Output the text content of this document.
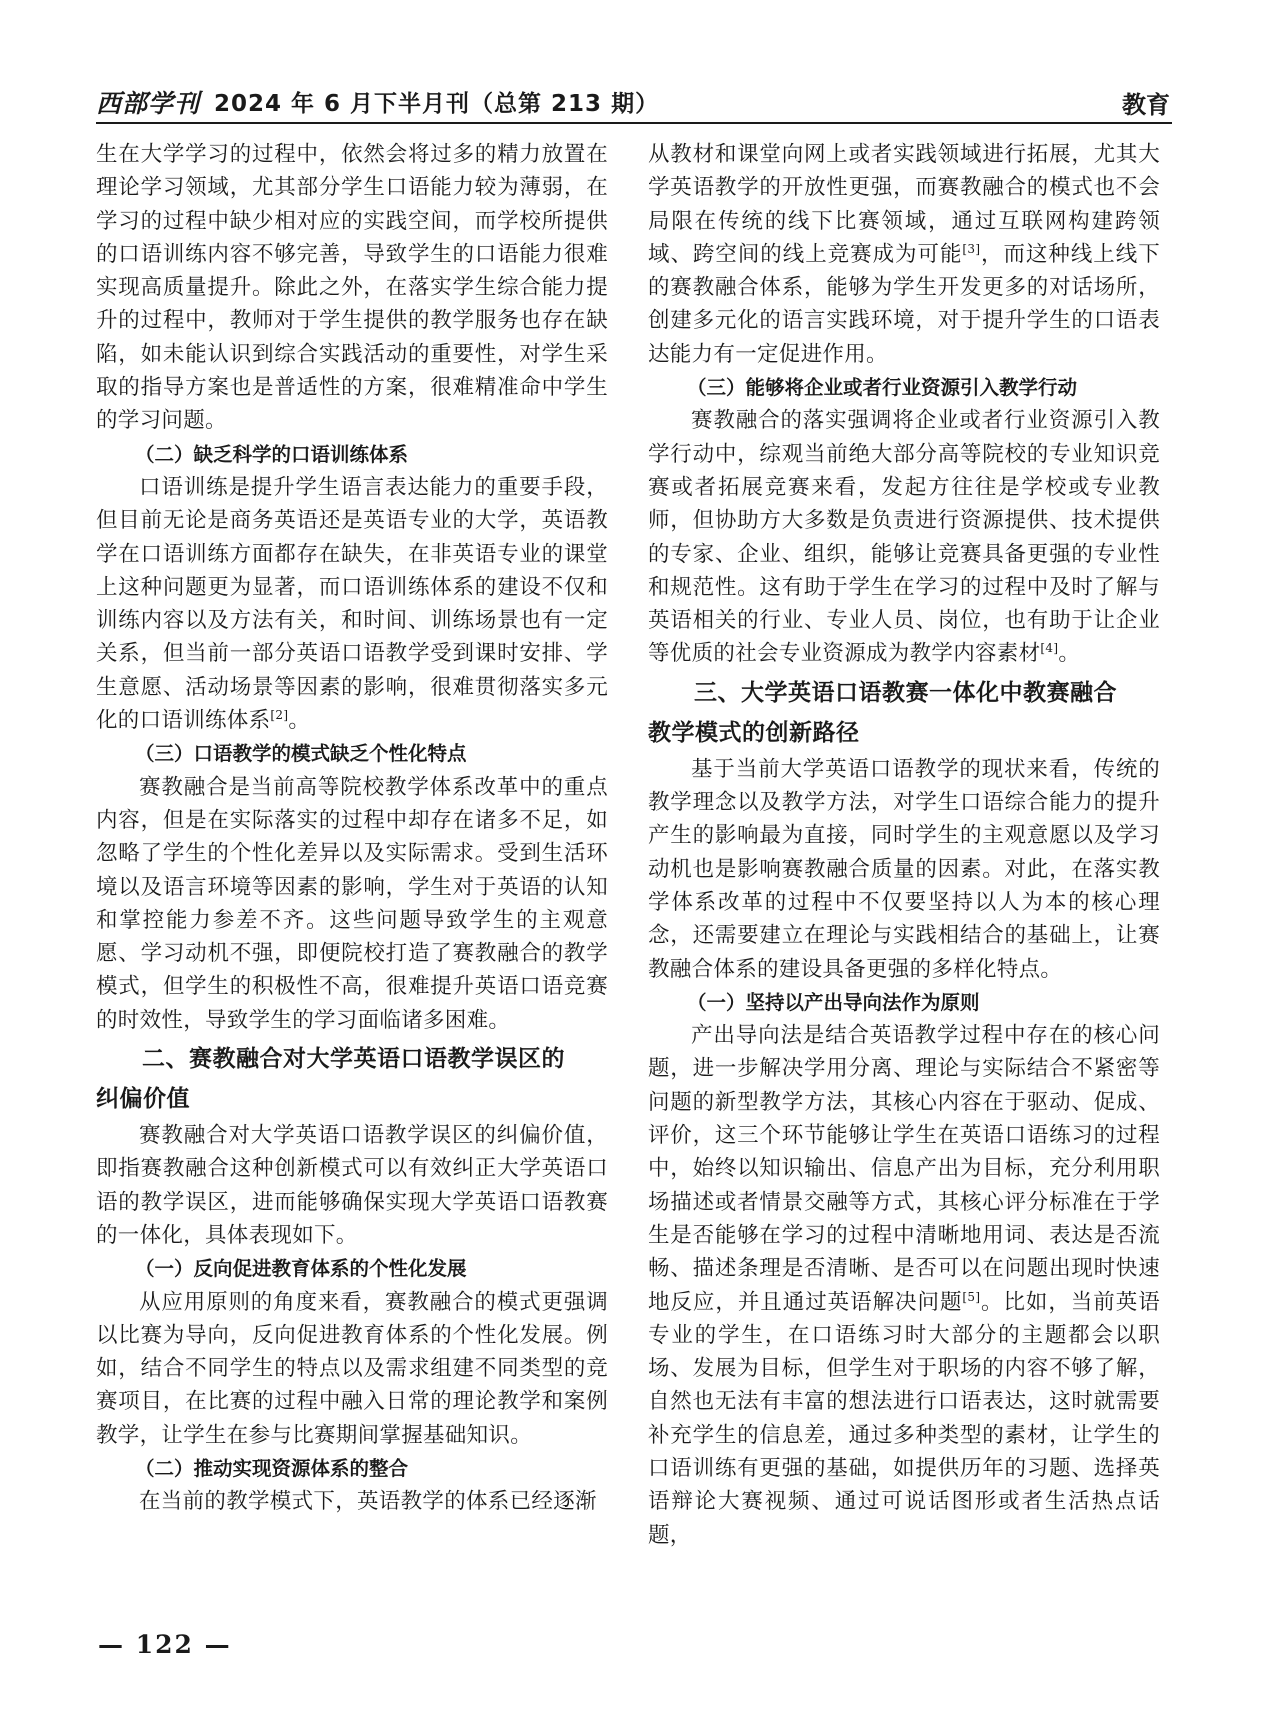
西部学刊 2024 年 6 月下半月刊（总第 213 期）	教育

生在大学学习的过程中，依然会将过多的精力放置在理论学习领域，尤其部分学生口语能力较为薄弱，在学习的过程中缺少相对应的实践空间，而学校所提供的口语训练内容不够完善，导致学生的口语能力很难实现高质量提升。除此之外，在落实学生综合能力提升的过程中，教师对于学生提供的教学服务也存在缺陷，如未能认识到综合实践活动的重要性，对学生采取的指导方案也是普适性的方案，很难精准命中学生的学习问题。

（二）缺乏科学的口语训练体系

口语训练是提升学生语言表达能力的重要手段，但目前无论是商务英语还是英语专业的大学，英语教学在口语训练方面都存在缺失，在非英语专业的课堂上这种问题更为显著，而口语训练体系的建设不仅和训练内容以及方法有关，和时间、训练场景也有一定关系，但当前一部分英语口语教学受到课时安排、学生意愿、活动场景等因素的影响，很难贯彻落实多元化的口语训练体系[2]。

（三）口语教学的模式缺乏个性化特点

赛教融合是当前高等院校教学体系改革中的重点内容，但是在实际落实的过程中却存在诸多不足，如忽略了学生的个性化差异以及实际需求。受到生活环境以及语言环境等因素的影响，学生对于英语的认知和掌控能力参差不齐。这些问题导致学生的主观意愿、学习动机不强，即便院校打造了赛教融合的教学模式，但学生的积极性不高，很难提升英语口语竞赛的时效性，导致学生的学习面临诸多困难。

二、赛教融合对大学英语口语教学误区的
纠偏价值

赛教融合对大学英语口语教学误区的纠偏价值，即指赛教融合这种创新模式可以有效纠正大学英语口语的教学误区，进而能够确保实现大学英语口语教赛的一体化，具体表现如下。

（一）反向促进教育体系的个性化发展

从应用原则的角度来看，赛教融合的模式更强调以比赛为导向，反向促进教育体系的个性化发展。例如，结合不同学生的特点以及需求组建不同类型的竞赛项目，在比赛的过程中融入日常的理论教学和案例教学，让学生在参与比赛期间掌握基础知识。

（二）推动实现资源体系的整合

在当前的教学模式下，英语教学的体系已经逐渐

从教材和课堂向网上或者实践领域进行拓展，尤其大学英语教学的开放性更强，而赛教融合的模式也不会局限在传统的线下比赛领域，通过互联网构建跨领域、跨空间的线上竞赛成为可能[3]，而这种线上线下的赛教融合体系，能够为学生开发更多的对话场所，创建多元化的语言实践环境，对于提升学生的口语表达能力有一定促进作用。

（三）能够将企业或者行业资源引入教学行动

赛教融合的落实强调将企业或者行业资源引入教学行动中，综观当前绝大部分高等院校的专业知识竞赛或者拓展竞赛来看，发起方往往是学校或专业教师，但协助方大多数是负责进行资源提供、技术提供的专家、企业、组织，能够让竞赛具备更强的专业性和规范性。这有助于学生在学习的过程中及时了解与英语相关的行业、专业人员、岗位，也有助于让企业等优质的社会专业资源成为教学内容素材[4]。

三、大学英语口语教赛一体化中教赛融合
教学模式的创新路径

基于当前大学英语口语教学的现状来看，传统的教学理念以及教学方法，对学生口语综合能力的提升产生的影响最为直接，同时学生的主观意愿以及学习动机也是影响赛教融合质量的因素。对此，在落实教学体系改革的过程中不仅要坚持以人为本的核心理念，还需要建立在理论与实践相结合的基础上，让赛教融合体系的建设具备更强的多样化特点。

（一）坚持以产出导向法作为原则

产出导向法是结合英语教学过程中存在的核心问题，进一步解决学用分离、理论与实际结合不紧密等问题的新型教学方法，其核心内容在于驱动、促成、评价，这三个环节能够让学生在英语口语练习的过程中，始终以知识输出、信息产出为目标，充分利用职场描述或者情景交融等方式，其核心评分标准在于学生是否能够在学习的过程中清晰地用词、表达是否流畅、描述条理是否清晰、是否可以在问题出现时快速地反应，并且通过英语解决问题[5]。比如，当前英语专业的学生，在口语练习时大部分的主题都会以职场、发展为目标，但学生对于职场的内容不够了解，自然也无法有丰富的想法进行口语表达，这时就需要补充学生的信息差，通过多种类型的素材，让学生的口语训练有更强的基础，如提供历年的习题、选择英语辩论大赛视频、通过可说话图形或者生活热点话题，

— 122 —
